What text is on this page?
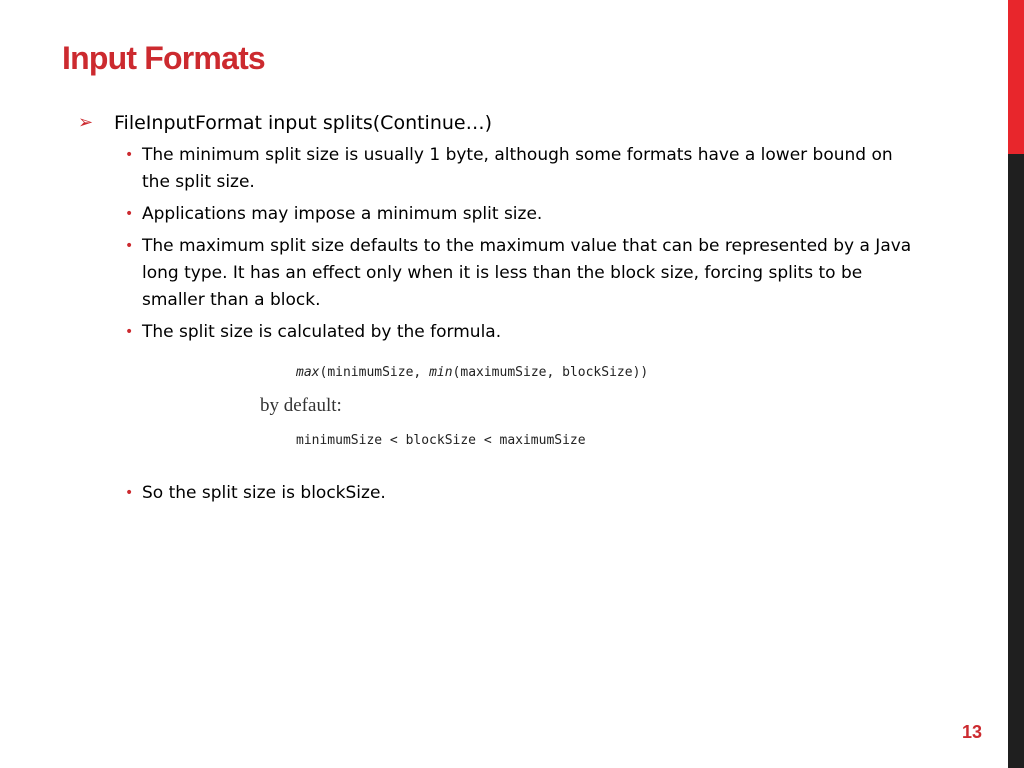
Input Formats
➢ FileInputFormat input splits(Continue…)
• The minimum split size is usually 1 byte, although some formats have a lower bound on the split size.
• Applications may impose a minimum split size.
• The maximum split size defaults to the maximum value that can be represented by a Java long type. It has an effect only when it is less than the block size, forcing splits to be smaller than a block.
• The split size is calculated by the formula.
max(minimumSize, min(maximumSize, blockSize))
by default:
minimumSize < blockSize < maximumSize
• So the split size is blockSize.
13
